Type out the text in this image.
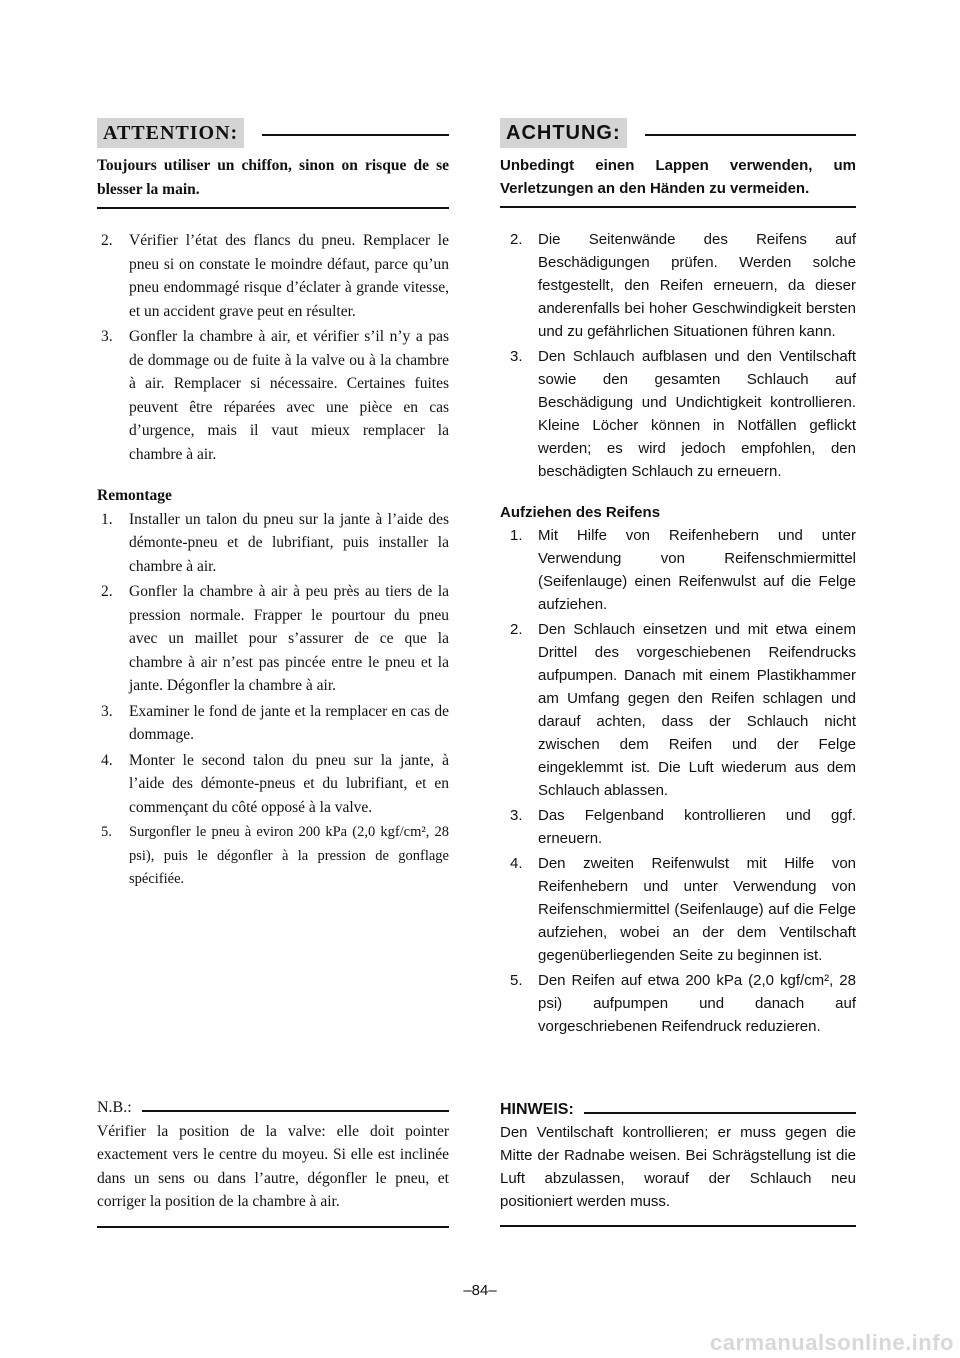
ATTENTION:
Toujours utiliser un chiffon, sinon on risque de se blesser la main.
2. Vérifier l’état des flancs du pneu. Remplacer le pneu si on constate le moindre défaut, parce qu’un pneu endommagé risque d’éclater à grande vitesse, et un accident grave peut en résulter.
3. Gonfler la chambre à air, et vérifier s’il n’y a pas de dommage ou de fuite à la valve ou à la chambre à air. Remplacer si nécessaire. Certaines fuites peuvent être réparées avec une pièce en cas d’urgence, mais il vaut mieux remplacer la chambre à air.
Remontage
1. Installer un talon du pneu sur la jante à l’aide des démonte-pneu et de lubrifiant, puis installer la chambre à air.
2. Gonfler la chambre à air à peu près au tiers de la pression normale. Frapper le pourtour du pneu avec un maillet pour s’assurer de ce que la chambre à air n’est pas pincée entre le pneu et la jante. Dégonfler la chambre à air.
3. Examiner le fond de jante et la remplacer en cas de dommage.
4. Monter le second talon du pneu sur la jante, à l’aide des démonte-pneus et du lubrifiant, et en commençant du côté opposé à la valve.
5. Surgonfler le pneu à eviron 200 kPa (2,0 kgf/cm², 28 psi), puis le dégonfler à la pression de gonflage spécifiée.
N.B.:
Vérifier la position de la valve: elle doit pointer exactement vers le centre du moyeu. Si elle est inclinée dans un sens ou dans l’autre, dégonfler le pneu, et corriger la position de la chambre à air.
ACHTUNG:
Unbedingt einen Lappen verwenden, um Verletzungen an den Händen zu vermeiden.
2. Die Seitenwände des Reifens auf Beschädigungen prüfen. Werden solche festgestellt, den Reifen erneuern, da dieser anderenfalls bei hoher Geschwindigkeit bersten und zu gefährlichen Situationen führen kann.
3. Den Schlauch aufblasen und den Ventilschaft sowie den gesamten Schlauch auf Beschädigung und Undichtigkeit kontrollieren. Kleine Löcher können in Notfällen geflickt werden; es wird jedoch empfohlen, den beschädigten Schlauch zu erneuern.
Aufziehen des Reifens
1. Mit Hilfe von Reifenhebern und unter Verwendung von Reifenschmiermittel (Seifenlauge) einen Reifenwulst auf die Felge aufziehen.
2. Den Schlauch einsetzen und mit etwa einem Drittel des vorgeschiebenen Reifendrucks aufpumpen. Danach mit einem Plastikhammer am Umfang gegen den Reifen schlagen und darauf achten, dass der Schlauch nicht zwischen dem Reifen und der Felge eingeklemmt ist. Die Luft wiederum aus dem Schlauch ablassen.
3. Das Felgenband kontrollieren und ggf. erneuern.
4. Den zweiten Reifenwulst mit Hilfe von Reifenhebern und unter Verwendung von Reifenschmiermittel (Seifenlauge) auf die Felge aufziehen, wobei an der dem Ventilschaft gegenüberliegenden Seite zu beginnen ist.
5. Den Reifen auf etwa 200 kPa (2,0 kgf/cm², 28 psi) aufpumpen und danach auf vorgeschriebenen Reifendruck reduzieren.
HINWEIS:
Den Ventilschaft kontrollieren; er muss gegen die Mitte der Radnabe weisen. Bei Schrägstellung ist die Luft abzulassen, worauf der Schlauch neu positioniert werden muss.
–84–
carmanualsonline.info
